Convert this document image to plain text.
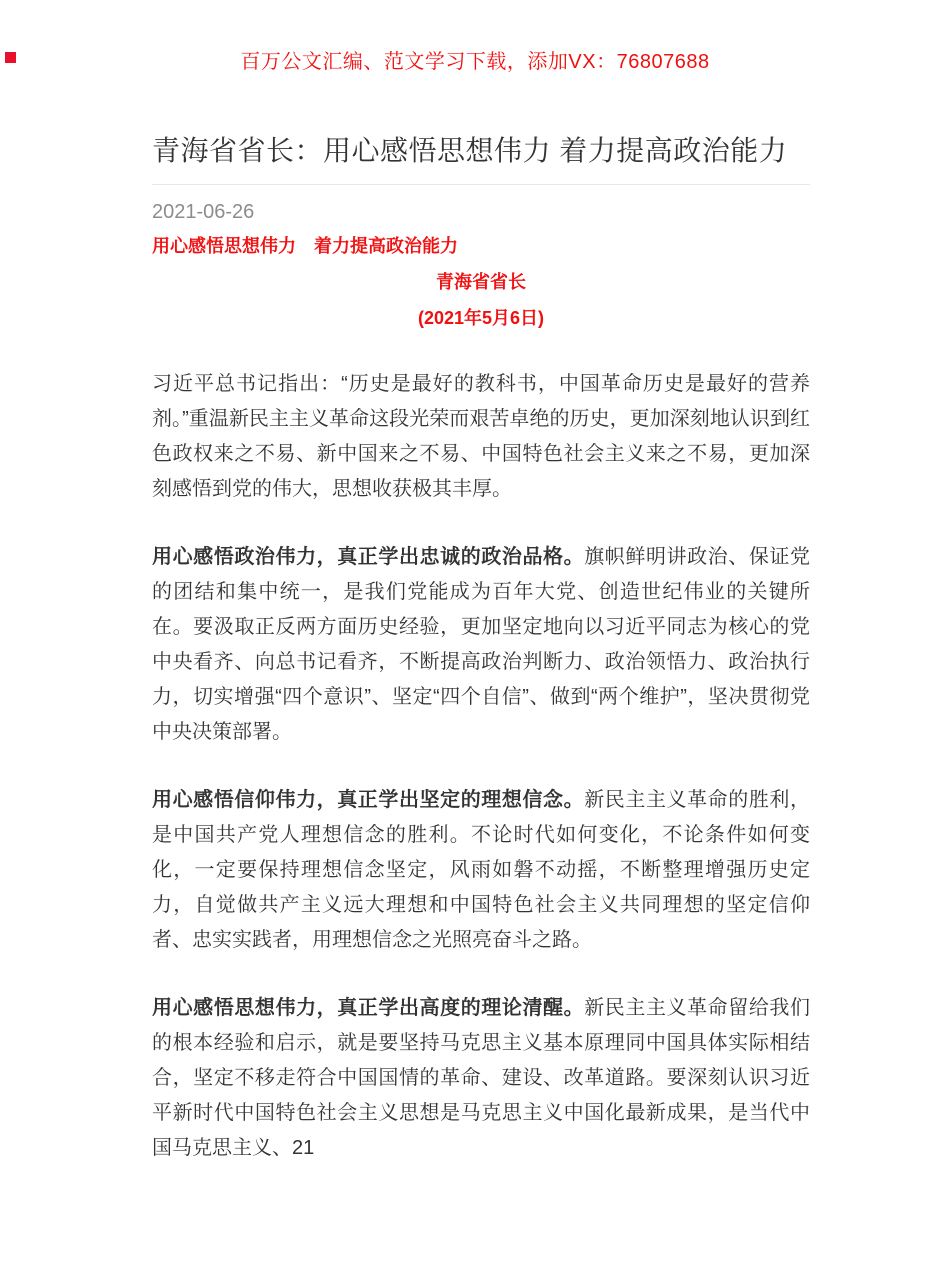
百万公文汇编、范文学习下载，添加VX：76807688
青海省省长：用心感悟思想伟力 着力提高政治能力
2021-06-26
用心感悟思想伟力　着力提高政治能力
青海省省长
(2021年5月6日)

习近平总书记指出：“历史是最好的教科书，中国革命历史是最好的营养剂。”重温新民主主义革命这段光荣而艰苦卓绝的历史，更加深刻地认识到红色政权来之不易、新中国来之不易、中国特色社会主义来之不易，更加深刻感悟到党的伟大，思想收获极其丰厚。

用心感悟政治伟力，真正学出忠诚的政治品格。旗帜鲜明讲政治、保证党的团结和集中统一，是我们党能成为百年大党、创造世纪伟业的关键所在。要汲取正反两方面历史经验，更加坚定地向以习近平同志为核心的党中央看齐、向总书记看齐，不断提高政治判断力、政治领悟力、政治执行力，切实增强“四个意识”、坚定“四个自信”、做到“两个维护”，坚决贯彻党中央决策部署。

用心感悟信仰伟力，真正学出坚定的理想信念。新民主主义革命的胜利，是中国共产党人理想信念的胜利。不论时代如何变化，不论条件如何变化，一定要保持理想信念坚定，风雨如磐不动摇，不断整理增强历史定力，自觉做共产主义远大理想和中国特色社会主义共同理想的坚定信仰者、忠实实践者，用理想信念之光照亮奋斗之路。

用心感悟思想伟力，真正学出高度的理论清醒。新民主主义革命留给我们的根本经验和启示，就是要坚持马克思主义基本原理同中国具体实际相结合，坚定不移走符合中国国情的革命、建设、改革道路。要深刻认识习近平新时代中国特色社会主义思想是马克思主义中国化最新成果，是当代中国马克思主义、21
